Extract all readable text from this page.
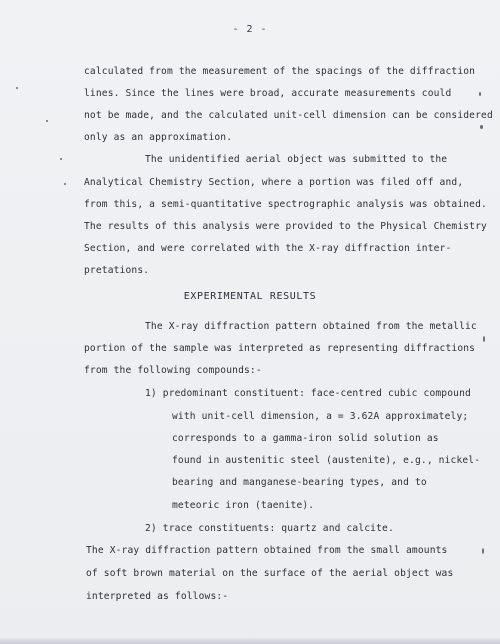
- 2 -
calculated from the measurement of the spacings of the diffraction
lines. Since the lines were broad, accurate measurements could
not be made, and the calculated unit-cell dimension can be considered
only as an approximation.
The unidentified aerial object was submitted to the
Analytical Chemistry Section, where a portion was filed off and,
from this, a semi-quantitative spectrographic analysis was obtained.
The results of this analysis were provided to the Physical Chemistry
Section, and were correlated with the X-ray diffraction inter-
pretations.
EXPERIMENTAL RESULTS
The X-ray diffraction pattern obtained from the metallic
portion of the sample was interpreted as representing diffractions
from the following compounds:-
1) predominant constituent: face-centred cubic compound
with unit-cell dimension, a = 3.62A approximately;
corresponds to a gamma-iron solid solution as
found in austenitic steel (austenite), e.g., nickel-
bearing and manganese-bearing types, and to
meteoric iron (taenite).
2) trace constituents: quartz and calcite.
The X-ray diffraction pattern obtained from the small amounts
of soft brown material on the surface of the aerial object was
interpreted as follows:-
